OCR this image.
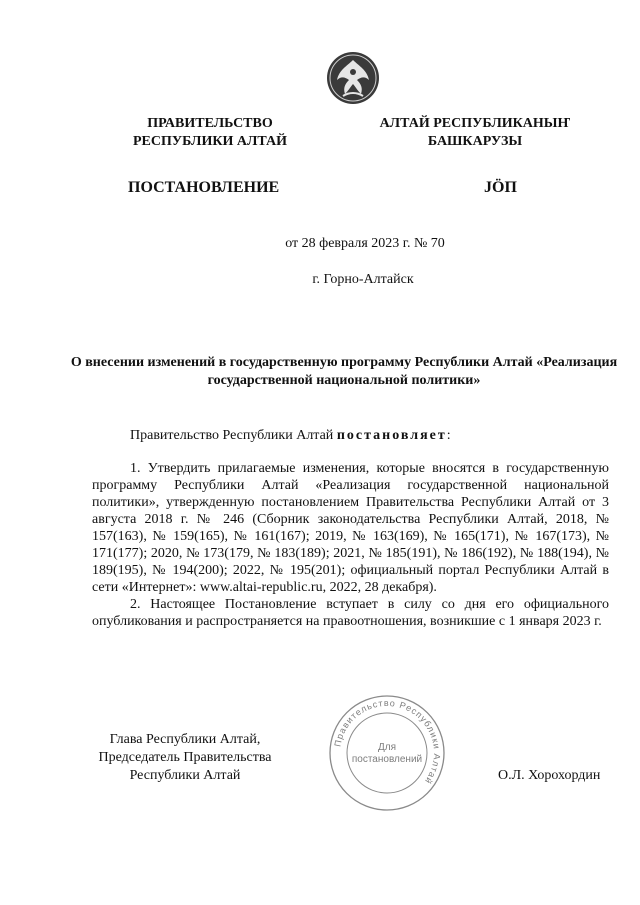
ПРАВИТЕЛЬСТВО
РЕСПУБЛИКИ АЛТАЙ
АЛТАЙ РЕСПУБЛИКАНЫҤ
БАШКАРУЗЫ
ПОСТАНОВЛЕНИЕ	JÖП
от 28 февраля 2023 г. № 70
г. Горно-Алтайск
О внесении изменений в государственную программу Республики Алтай «Реализация государственной национальной политики»
Правительство Республики Алтай постановляет:

1. Утвердить прилагаемые изменения, которые вносятся в государственную программу Республики Алтай «Реализация государственной национальной политики», утвержденную постановлением Правительства Республики Алтай от 3 августа 2018 г. № 246 (Сборник законодательства Республики Алтай, 2018, № 157(163), № 159(165), № 161(167); 2019, № 163(169), № 165(171), № 167(173), № 171(177); 2020, № 173(179, № 183(189); 2021, № 185(191), № 186(192), № 188(194), № 189(195), № 194(200); 2022, № 195(201); официальный портал Республики Алтай в сети «Интернет»: www.altai-republic.ru, 2022, 28 декабря).

2. Настоящее Постановление вступает в силу со дня его официального опубликования и распространяется на правоотношения, возникшие с 1 января 2023 г.

Глава Республики Алтай,
Председатель Правительства
Республики Алтай
Правительство Республики Алтай
Для
постановлений
О.Л. Хорохордин
